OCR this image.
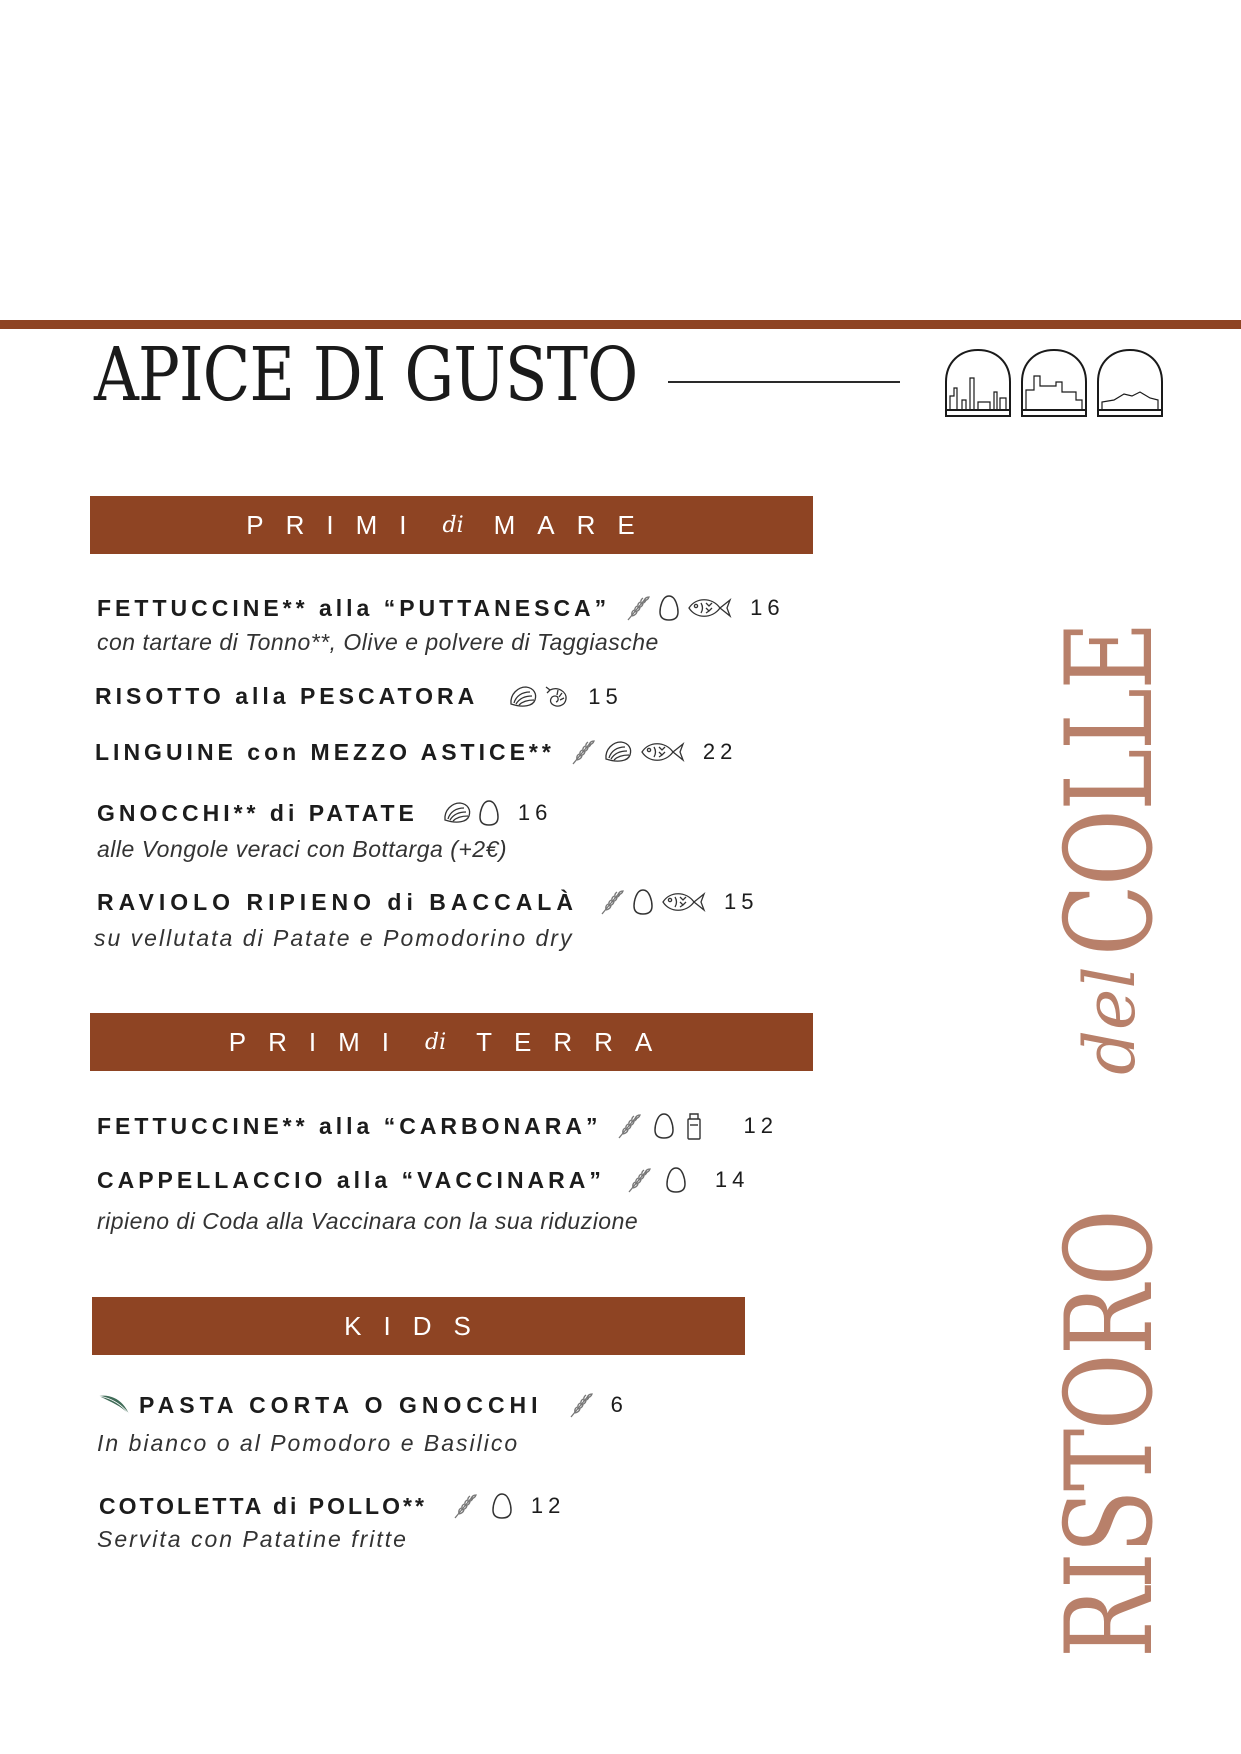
APICE DI GUSTO
PRIMI di MARE
FETTUCCINE** alla “PUTTANESCA”	16
con tartare di Tonno**, Olive e polvere di Taggiasche
RISOTTO alla PESCATORA	15
LINGUINE con MEZZO ASTICE**	22
GNOCCHI** di PATATE	16
alle Vongole veraci con Bottarga (+2€)
RAVIOLO RIPIENO di BACCALÀ	15
su vellutata di Patate e Pomodorino dry
PRIMI di TERRA
FETTUCCINE** alla “CARBONARA”	12
CAPPELLACCIO alla “VACCINARA”	14
ripieno di Coda alla Vaccinara con la sua riduzione
KIDS
PASTA CORTA O GNOCCHI	6
In bianco o al Pomodoro e Basilico
COTOLETTA di POLLO**	12
Servita con Patatine fritte	RISTORO
del
COLLE
